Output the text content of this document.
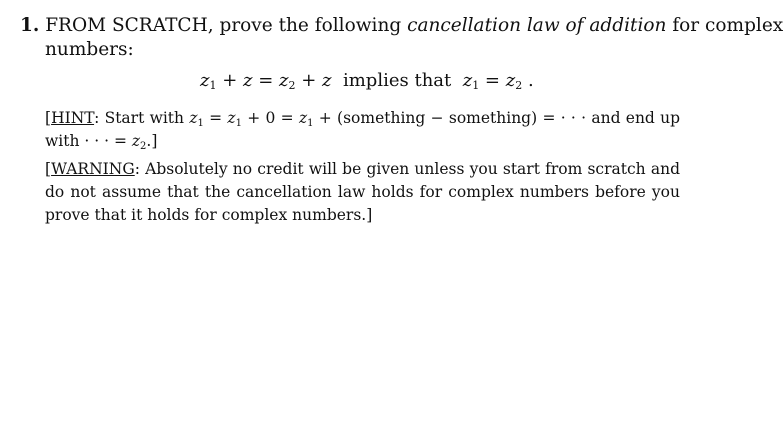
1. FROM SCRATCH, prove the following cancellation law of addition for complex
numbers:
$z_1 + z = z_2 + z$ implies that $z_1 = z_2$ .
[HINT: Start with $z_1 = z_1 + 0 = z_1$ + (something − something) = · · · and end up with · · · = $z_2$.]
[WARNING: Absolutely no credit will be given unless you start from scratch and do not assume that the cancellation law holds for complex numbers before you prove that it holds for complex numbers.]
